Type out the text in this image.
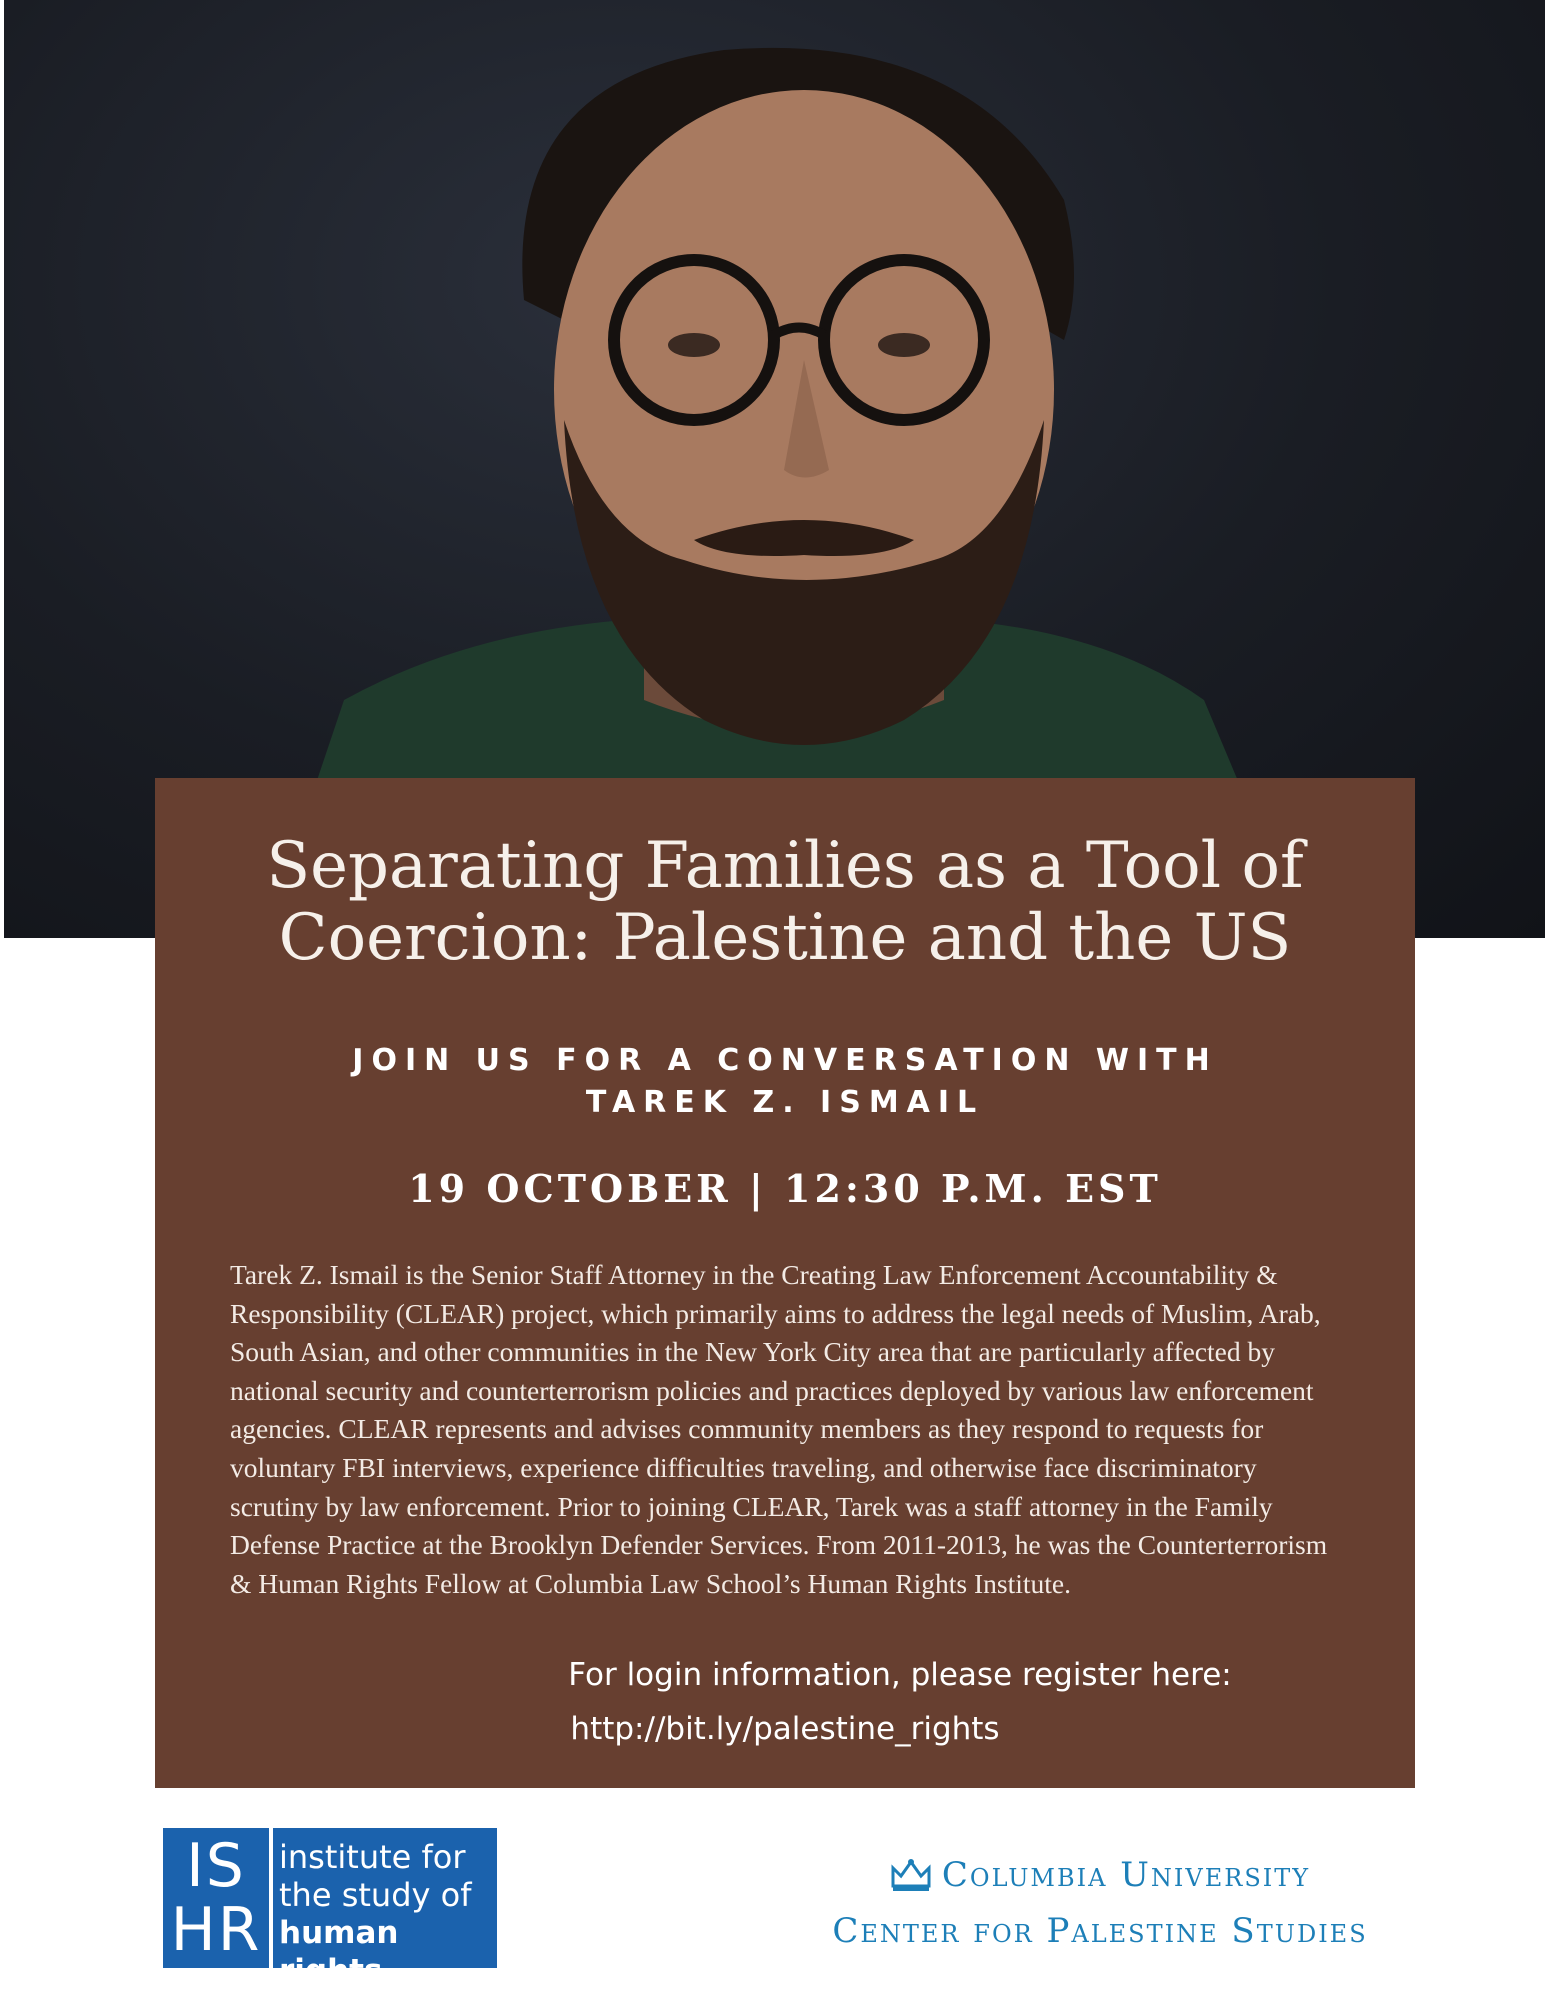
Separating Families as a Tool of
Coercion: Palestine and the US
JOIN US FOR A CONVERSATION WITH
TAREK Z. ISMAIL
19 OCTOBER | 12:30 P.M. EST
Tarek Z. Ismail is the Senior Staff Attorney in the Creating Law Enforcement Accountability & Responsibility (CLEAR) project, which primarily aims to address the legal needs of Muslim, Arab, South Asian, and other communities in the New York City area that are particularly affected by national security and counterterrorism policies and practices deployed by various law enforcement agencies. CLEAR represents and advises community members as they respond to requests for voluntary FBI interviews, experience difficulties traveling, and otherwise face discriminatory scrutiny by law enforcement. Prior to joining CLEAR, Tarek was a staff attorney in the Family Defense Practice at the Brooklyn Defender Services. From 2011-2013, he was the Counterterrorism & Human Rights Fellow at Columbia Law School’s Human Rights Institute.
For login information, please register here:
http://bit.ly/palestine_rights
IS
HR
institute for
the study of
human rights
Columbia University
Center for Palestine Studies
